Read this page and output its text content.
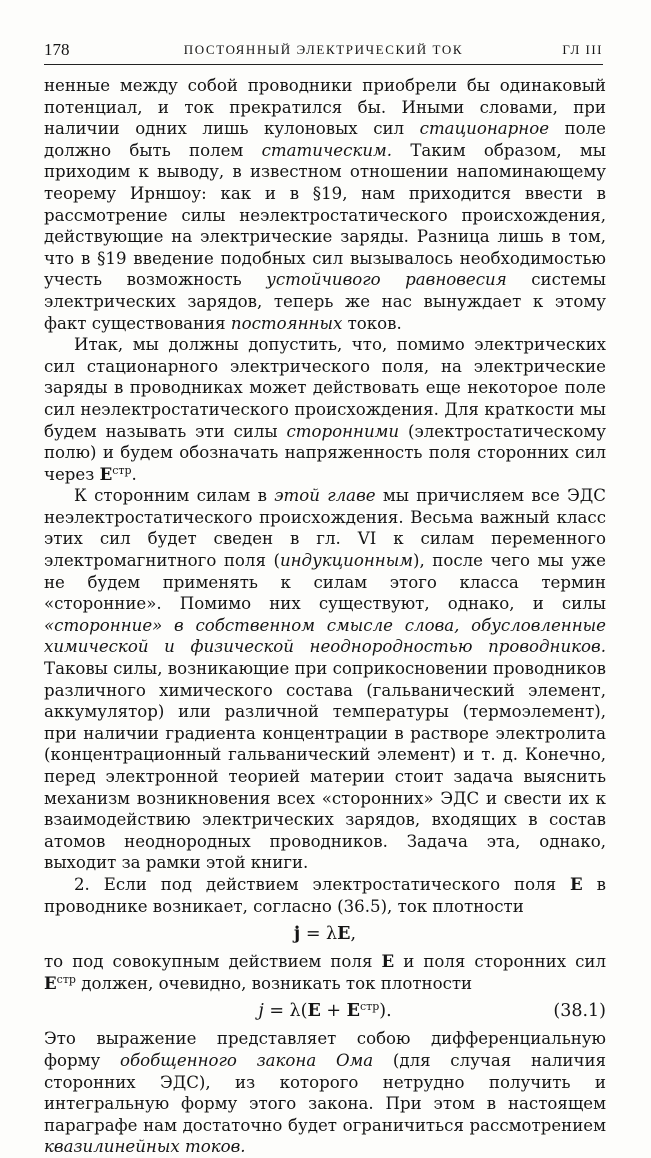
178	ПОСТОЯННЫЙ ЭЛЕКТРИЧЕСКИЙ ТОК	ГЛ III

ненные между собой проводники приобрели бы одинаковый потенциал, и ток прекратился бы. Иными словами, при наличии одних лишь кулоновых сил стационарное поле должно быть полем статическим. Таким образом, мы приходим к выводу, в известном отношении напоминающему теорему Ирншоу: как и в §19, нам приходится ввести в рассмотрение силы неэлектростатического происхождения, действующие на электрические заряды. Разница лишь в том, что в §19 введение подобных сил вызывалось необходимостью учесть возможность устойчивого равновесия системы электрических зарядов, теперь же нас вынуждает к этому факт существования постоянных токов.

Итак, мы должны допустить, что, помимо электрических сил стационарного электрического поля, на электрические заряды в проводниках может действовать еще некоторое поле сил неэлектростатического происхождения. Для краткости мы будем называть эти силы сторонними (электростатическому полю) и будем обозначать напряженность поля сторонних сил через $E^{стр}$.

К сторонним силам в этой главе мы причисляем все ЭДС неэлектростатического происхождения. Весьма важный класс этих сил будет сведен в гл. VI к силам переменного электромагнитного поля (индукционным), после чего мы уже не будем применять к силам этого класса термин «сторонние». Помимо них существуют, однако, и силы «сторонние» в собственном смысле слова, обусловленные химической и физической неоднородностью проводников. Таковы силы, возникающие при соприкосновении проводников различного химического состава (гальванический элемент, аккумулятор) или различной температуры (термоэлемент), при наличии градиента концентрации в растворе электролита (концентрационный гальванический элемент) и т. д. Конечно, перед электронной теорией материи стоит задача выяснить механизм возникновения всех «сторонних» ЭДС и свести их к взаимодействию электрических зарядов, входящих в состав атомов неоднородных проводников. Задача эта, однако, выходит за рамки этой книги.

2. Если под действием электростатического поля E в проводнике возникает, согласно (36.5), ток плотности

j = λE,

то под совокупным действием поля E и поля сторонних сил $E^{стр}$ должен, очевидно, возникать ток плотности

$j = \lambda(E + E^{стр})$.	(38.1)

Это выражение представляет собою дифференциальную форму обобщенного закона Ома (для случая наличия сторонних ЭДС), из которого нетрудно получить и интегральную форму этого закона. При этом в настоящем параграфе нам достаточно будет ограничиться рассмотрением квазилинейных токов.
